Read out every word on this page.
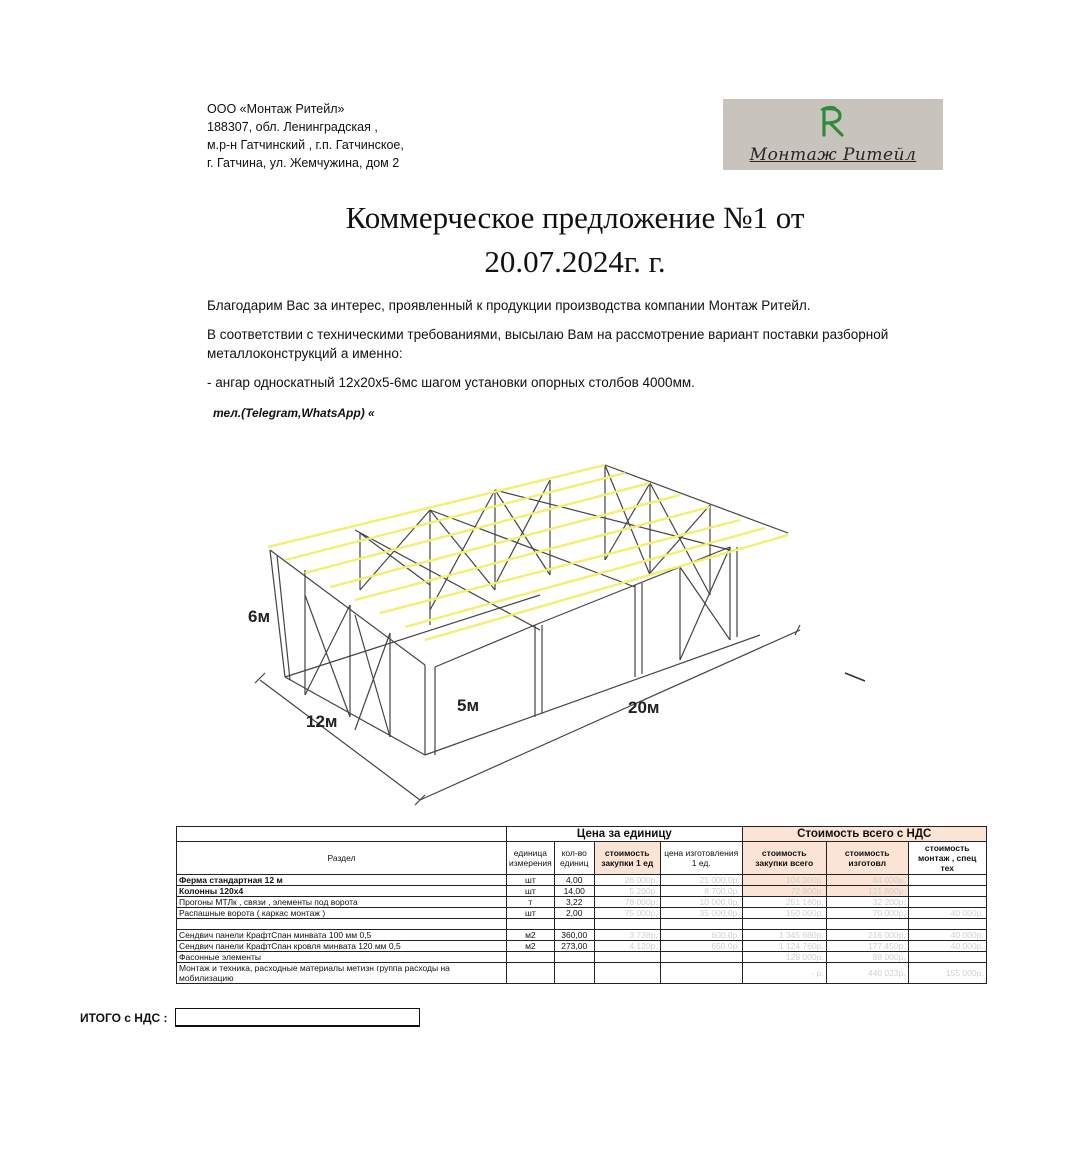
ООО «Монтаж Ритейл»
188307, обл. Ленинградская ,
м.р-н Гатчинский , г.п. Гатчинское,
г. Гатчина, ул. Жемчужина, дом 2	Монтаж Ритейл
Коммерческое предложение №1 от
20.07.2024г. г.
Благодарим Вас за интерес, проявленный к продукции производства компании Монтаж Ритейл.
В соответствии с техническими требованиями, высылаю Вам на рассмотрение вариант поставки разборной металлоконструкций а именно:
- ангар односкатный 12х20х5-6мс шагом установки опорных столбов 4000мм.
тел.(Telegram,WhatsApp) «
6м
5м
12м
20м
	Цена за единицу				Стоимость всего с НДС		
Раздел	единица измерения	кол-во единиц	стоимость закупки 1 ед	цена изготовления 1 ед.	стоимость закупки всего	стоимость изготовл	стоимость монтаж , спец тех
Ферма стандартная 12 м	шт	4,00	26 000р.	21 000,0р.	104 000р.	84 000р.	
Колонны 120х4	шт	14,00	5 200р.	8 700,0р.	72 800р.	121 800р.	
Прогоны МТЛк , связи , элементы под ворота	т	3,22	78 000р.	10 000,0р.	251 160р.	32 200р.	
Распашные ворота ( каркас монтаж )	шт	2,00	75 000р.	35 000,0р.	150 000р.	70 000р.	40 000р.

Сендвич панели КрафтСпан минвата 100 мм 0,5	м2	360,00	3 738р.	600,0р.	1 345 680р.	216 000р.	40 000р.
Сендвич панели КрафтСпан кровля минвата 120 мм 0,5	м2	273,00	4 120р.	650,0р.	1 124 760р.	177 450р.	40 000р.
Фасонные элементы					128 000р.	88 000р.	
Монтаж и техника, расходные материалы метизн группа расходы на мобилизацию					- р.	440 023р.	155 000р.
ИТОГО с НДС :
